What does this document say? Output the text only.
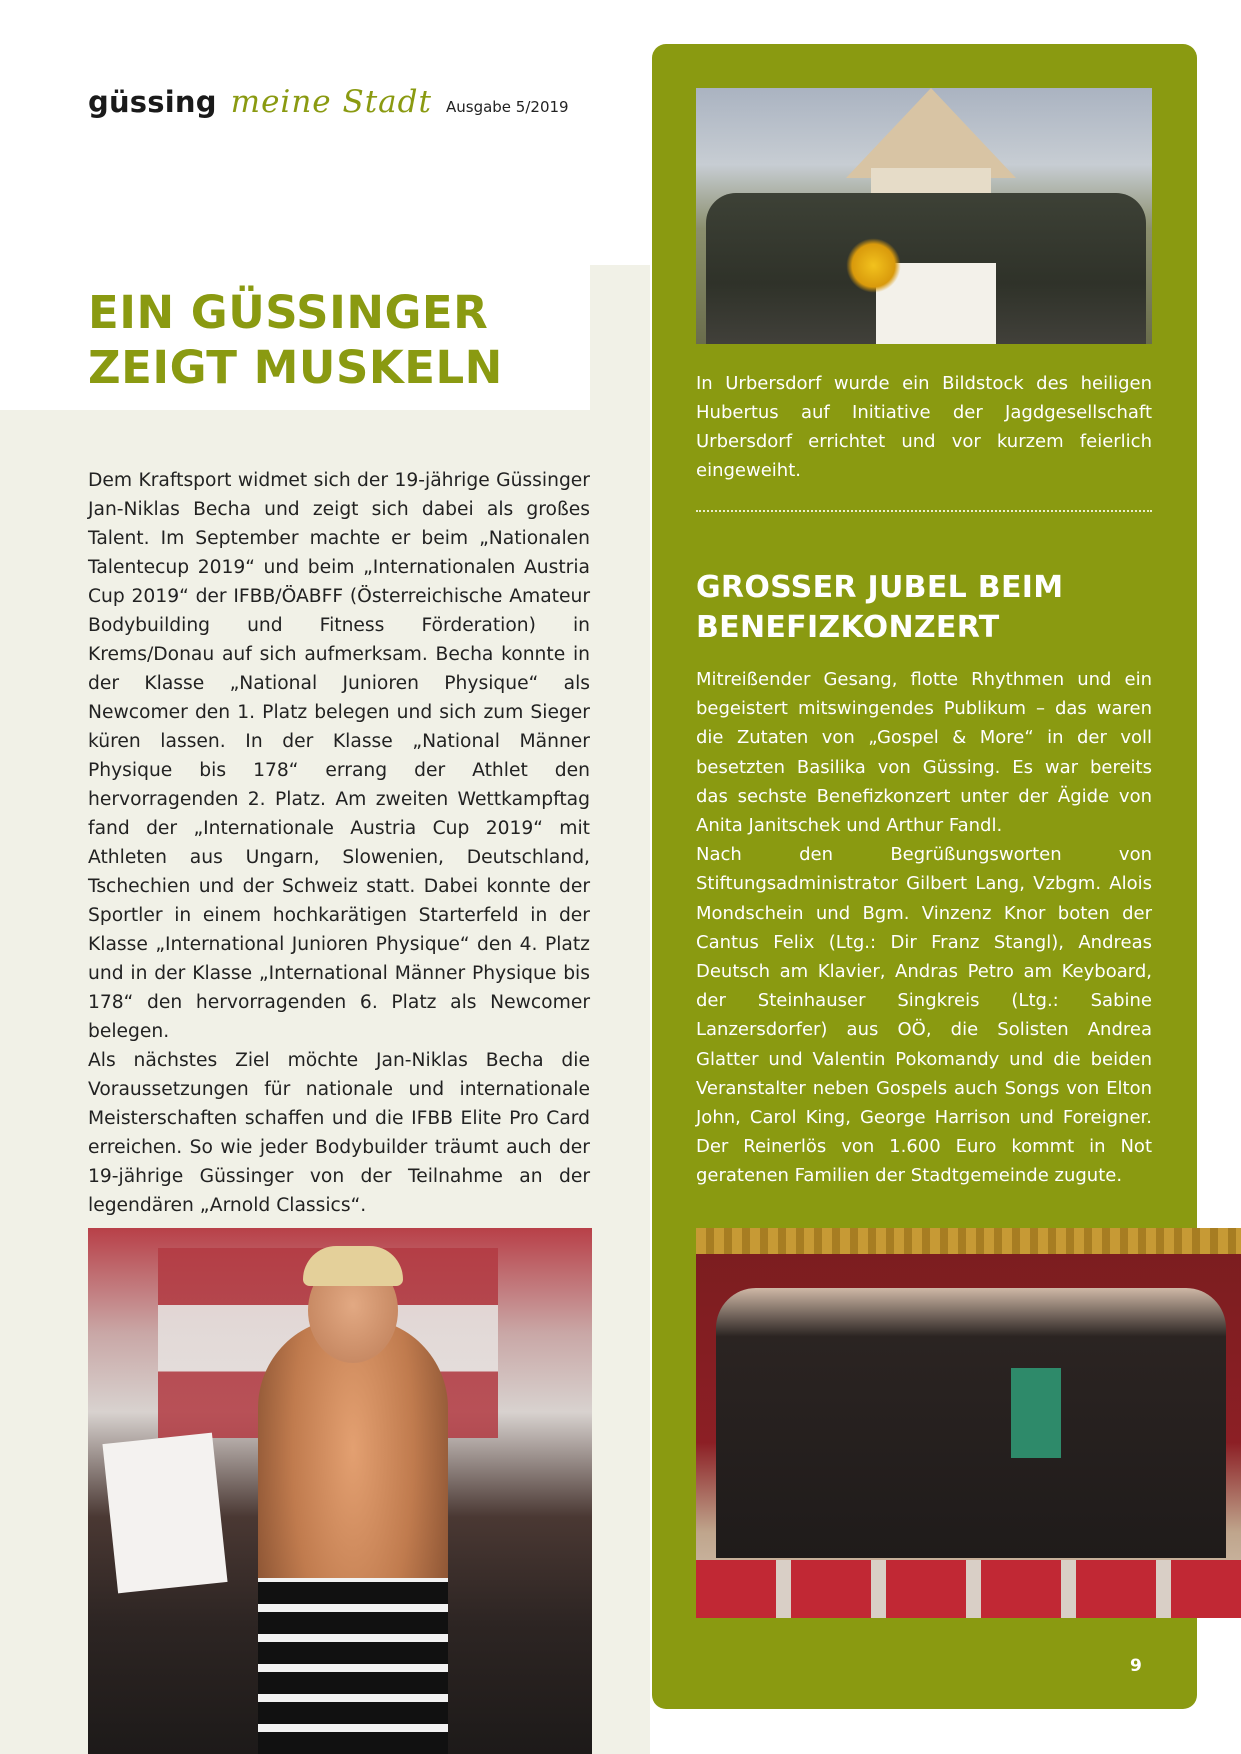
güssing meine Stadt Ausgabe 5/2019
EIN GÜSSINGER ZEIGT MUSKELN

Dem Kraftsport widmet sich der 19-jährige Güssinger Jan-Niklas Becha und zeigt sich dabei als großes Talent. Im September machte er beim „Nationalen Talentecup 2019“ und beim „Internationalen Austria Cup 2019“ der IFBB/ÖABFF (Österreichische Amateur Bodybuilding und Fitness Förderation) in Krems/Donau auf sich aufmerksam. Becha konnte in der Klasse „National Junioren Physique“ als Newcomer den 1. Platz belegen und sich zum Sieger küren lassen. In der Klasse „National Männer Physique bis 178“ errang der Athlet den hervorragenden 2. Platz. Am zweiten Wettkampftag fand der „Internationale Austria Cup 2019“ mit Athleten aus Ungarn, Slowenien, Deutschland, Tschechien und der Schweiz statt. Dabei konnte der Sportler in einem hochkarätigen Starterfeld in der Klasse „International Junioren Physique“ den 4. Platz und in der Klasse „International Männer Physique bis 178“ den hervorragenden 6. Platz als Newcomer belegen.
Als nächstes Ziel möchte Jan-Niklas Becha die Voraussetzungen für nationale und internationale Meisterschaften schaffen und die IFBB Elite Pro Card erreichen. So wie jeder Bodybuilder träumt auch der 19-jährige Güssinger von der Teilnahme an der legendären „Arnold Classics“.

In Urbersdorf wurde ein Bildstock des heiligen Hubertus auf Initiative der Jagdgesellschaft Urbersdorf errichtet und vor kurzem feierlich eingeweiht.

GROSSER JUBEL BEIM BENEFIZKONZERT

Mitreißender Gesang, flotte Rhythmen und ein begeistert mitswingendes Publikum – das waren die Zutaten von „Gospel & More“ in der voll besetzten Basilika von Güssing. Es war bereits das sechste Benefizkonzert unter der Ägide von Anita Janitschek und Arthur Fandl.
Nach den Begrüßungsworten von Stiftungsadministrator Gilbert Lang, Vzbgm. Alois Mondschein und Bgm. Vinzenz Knor boten der Cantus Felix (Ltg.: Dir Franz Stangl), Andreas Deutsch am Klavier, Andras Petro am Keyboard, der Steinhauser Singkreis (Ltg.: Sabine Lanzersdorfer) aus OÖ, die Solisten Andrea Glatter und Valentin Pokomandy und die beiden Veranstalter neben Gospels auch Songs von Elton John, Carol King, George Harrison und Foreigner. Der Reinerlös von 1.600 Euro kommt in Not geratenen Familien der Stadtgemeinde zugute.

9
